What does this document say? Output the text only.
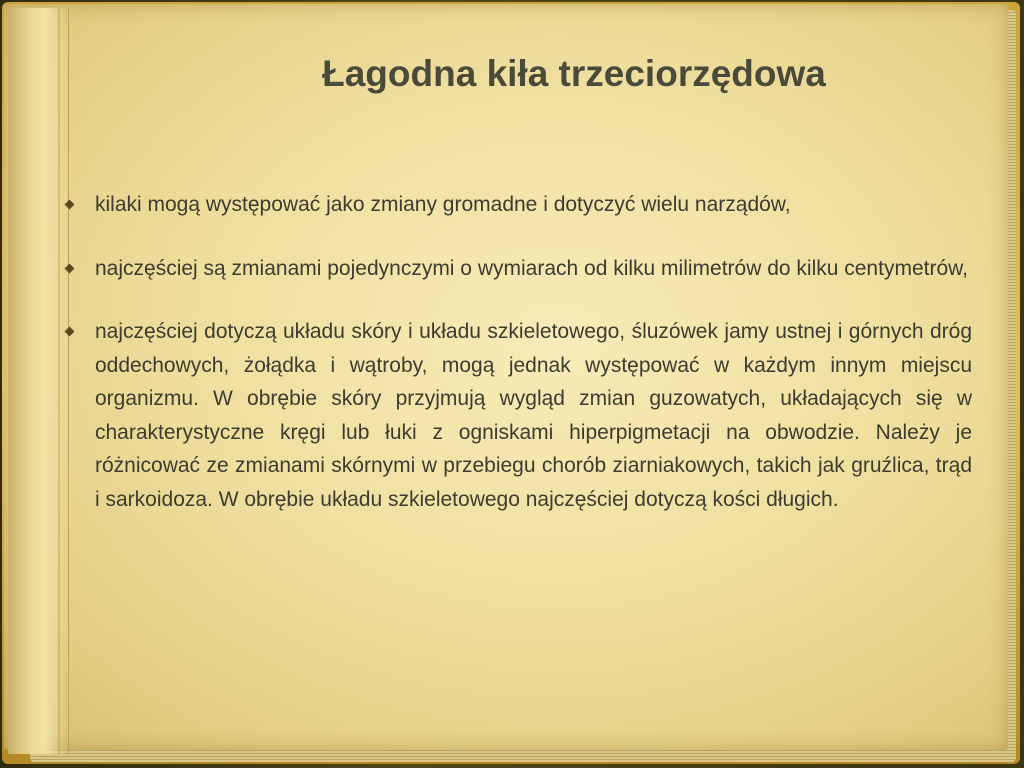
Łagodna kiła trzeciorzędowa
kilaki mogą występować jako zmiany gromadne i dotyczyć wielu narządów,
najczęściej są zmianami pojedynczymi o wymiarach od kilku milimetrów do kilku centymetrów,
najczęściej dotyczą układu skóry i układu szkieletowego, śluzówek jamy ustnej i górnych dróg oddechowych, żołądka i wątroby, mogą jednak występować w każdym innym miejscu organizmu. W obrębie skóry przyjmują wygląd zmian guzowatych, układających się w charakterystyczne kręgi lub łuki z ogniskami hiperpigmetacji na obwodzie. Należy je różnicować ze zmianami skórnymi w przebiegu chorób ziarniakowych, takich jak gruźlica, trąd i sarkoidoza. W obrębie układu szkieletowego najczęściej dotyczą kości długich.
